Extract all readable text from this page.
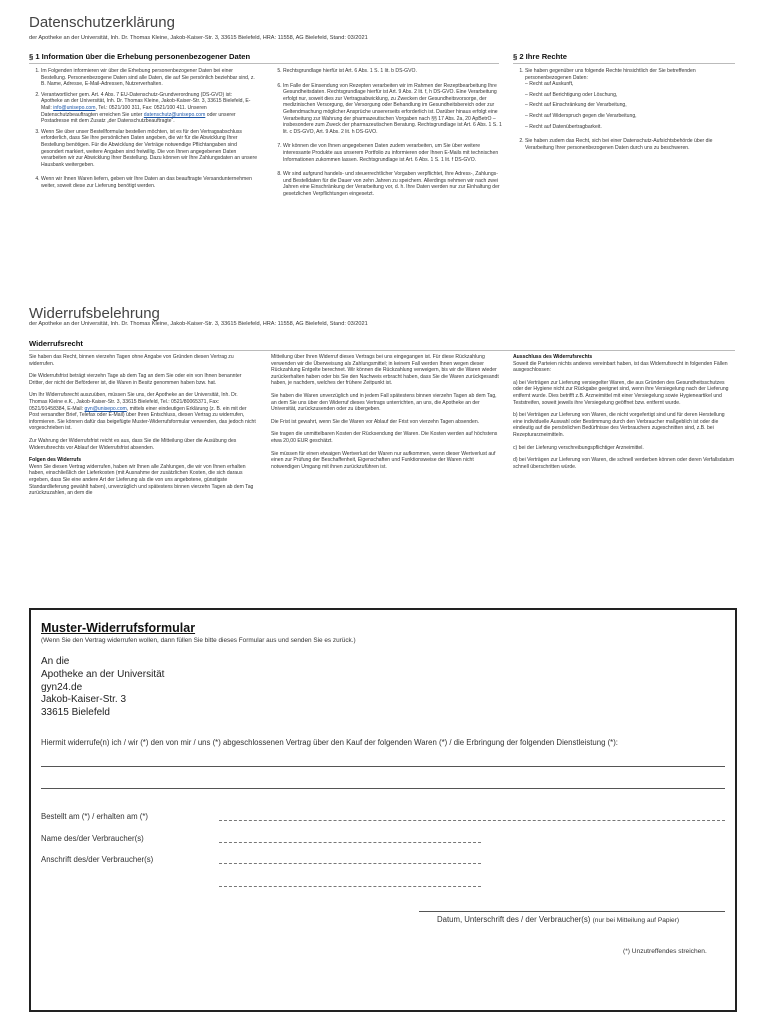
Datenschutzerklärung
der Apotheke an der Universität, Inh. Dr. Thomas Kleine, Jakob-Kaiser-Str. 3, 33615 Bielefeld, HRA: 11558, AG Bielefeld, Stand: 03/2021
§ 1 Information über die Erhebung personenbezogener Daten	§ 2 Ihre Rechte
1. Im Folgenden informieren wir über die Erhebung personenbezogener Daten bei einer Bestellung. Personenbezogene Daten sind alle Daten, die auf Sie persönlich beziehbar sind, z. B. Name, Adresse, E-Mail-Adressen, Nutzerverhalten.
2. Verantwortlicher gem. Art. 4 Abs. 7 EU-Datenschutz-Grundverordnung (DS-GVO) ist:
Apotheke an der Universität, Inh. Dr. Thomas Kleine, Jakob-Kaiser-Str. 3, 33615 Bielefeld, E-Mail: info@unisepo.com, Tel.: 0521/100 311, Fax: 0521/100 411. Unseren Datenschutzbeauftragten erreichen Sie unter datenschutz@unisepo.com oder unserer Postadresse mit dem Zusatz „der Datenschutzbeauftragte“.
3. Wenn Sie über unser Bestellformular bestellen möchten, ist es für den Vertragsabschluss erforderlich, dass Sie Ihre persönlichen Daten angeben, die wir für die Abwicklung Ihrer Bestellung benötigen. Für die Abwicklung der Verträge notwendige Pflichtangaben sind gesondert markiert, weitere Angaben sind freiwillig. Die von Ihnen angegebenen Daten verarbeiten wir zur Abwicklung Ihrer Bestellung. Dazu können wir Ihre Zahlungsdaten an unsere Hausbank weitergeben.
4. Wenn wir Ihnen Waren liefern, geben wir Ihre Daten an das beauftragte Versandunternehmen weiter, soweit diese zur Lieferung benötigt werden.
5. Rechtsgrundlage hierfür ist Art. 6 Abs. 1 S. 1 lit. b DS-GVO.
6. Im Falle der Einsendung von Rezepten verarbeiten wir im Rahmen der Rezeptbearbeitung Ihre Gesundheitsdaten. Rechtsgrundlage hierfür ist Art. 9 Abs. 2 lit. f, h DS-GVO. Eine Verarbeitung erfolgt nur, soweit dies zur Vertragsabwicklung, zu Zwecken der Gesundheitsvorsorge, der medizinischen Versorgung, der Versorgung oder Behandlung im Gesundheitsbereich oder zur Geltendmachung möglicher Ansprüche unsererseits erforderlich ist. Darüber hinaus erfolgt eine Verarbeitung zur Wahrung der pharmazeutischen Vorgaben nach §§ 17 Abs. 2a, 20 ApBetrO – insbesondere zum Zweck der pharmazeutischen Beratung. Rechtsgrundlage ist Art. 6 Abs. 1 S. 1 lit. c DS-GVO, Art. 9 Abs. 2 lit. h DS-GVO.
7. Wir können die von Ihnen angegebenen Daten zudem verarbeiten, um Sie über weitere interessante Produkte aus unserem Portfolio zu informieren oder Ihnen E-Mails mit technischen Informationen zukommen lassen. Rechtsgrundlage ist Art. 6 Abs. 1 S. 1 lit. f DS-GVO.
8. Wir sind aufgrund handels- und steuerrechtlicher Vorgaben verpflichtet, Ihre Adress-, Zahlungs- und Bestelldaten für die Dauer von zehn Jahren zu speichern. Allerdings nehmen wir nach zwei Jahren eine Einschränkung der Verarbeitung vor, d. h. Ihre Daten werden nur zur Einhaltung der gesetzlichen Verpflichtungen eingesetzt.
1. Sie haben gegenüber uns folgende Rechte hinsichtlich der Sie betreffenden personenbezogenen Daten:
– Recht auf Auskunft,
– Recht auf Berichtigung oder Löschung,
– Recht auf Einschränkung der Verarbeitung,
– Recht auf Widerspruch gegen die Verarbeitung,
– Recht auf Datenübertragbarkeit.
2. Sie haben zudem das Recht, sich bei einer Datenschutz-Aufsichtsbehörde über die Verarbeitung Ihrer personenbezogenen Daten durch uns zu beschweren.
Widerrufsbelehrung
der Apotheke an der Universität, Inh. Dr. Thomas Kleine, Jakob-Kaiser-Str. 3, 33615 Bielefeld, HRA: 11558, AG Bielefeld, Stand: 03/2021
Widerrufsrecht

Sie haben das Recht, binnen vierzehn Tagen ohne Angabe von Gründen diesen Vertrag zu widerrufen.

Die Widerrufsfrist beträgt vierzehn Tage ab dem Tag an dem Sie oder ein von Ihnen benannter Dritter, der nicht der Beförderer ist, die Waren in Besitz genommen haben bzw. hat.

Um Ihr Widerrufsrecht auszuüben, müssen Sie uns, der Apotheke an der Universität, Inh. Dr. Thomas Kleine e.K., Jakob-Kaiser-Str. 3, 33615 Bielefeld, Tel.: 0521/80065371, Fax: 0521/91458384, E-Mail: gyn@unisepo.com, mittels einer eindeutigen Erklärung (z. B. ein mit der Post versandter Brief, Telefax oder E-Mail) über Ihren Entschluss, diesen Vertrag zu widerrufen, informieren. Sie können dafür das beigefügte Muster-Widerrufsformular verwenden, das jedoch nicht vorgeschrieben ist.

Zur Wahrung der Widerrufsfrist reicht es aus, dass Sie die Mitteilung über die Ausübung des Widerrufsrechts vor Ablauf der Widerrufsfrist absenden.

Folgen des Widerrufs

Wenn Sie diesen Vertrag widerrufen, haben wir Ihnen alle Zahlungen, die wir von Ihnen erhalten haben, einschließlich der Lieferkosten (mit Ausnahme der zusätzlichen Kosten, die sich daraus ergeben, dass Sie eine andere Art der Lieferung als die von uns angebotene, günstigste Standardlieferung gewählt haben), unverzüglich und spätestens binnen vierzehn Tagen ab dem Tag zurückzuzahlen, an dem die

Mitteilung über Ihren Widerruf dieses Vertrags bei uns eingegangen ist. Für diese Rückzahlung verwenden wir die Überweisung als Zahlungsmittel; in keinem Fall werden Ihnen wegen dieser Rückzahlung Entgelte berechnet. Wir können die Rückzahlung verweigern, bis wir die Waren wieder zurückerhalten haben oder bis Sie den Nachweis erbracht haben, dass Sie die Waren zurückgesandt haben, je nachdem, welches der frühere Zeitpunkt ist.

Sie haben die Waren unverzüglich und in jedem Fall spätestens binnen vierzehn Tagen ab dem Tag, an dem Sie uns über den Widerruf dieses Vertrags unterrichten, an uns, die Apotheke an der Universität, zurückzusenden oder zu übergeben.

Die Frist ist gewahrt, wenn Sie die Waren vor Ablauf der Frist von vierzehn Tagen absenden.

Sie tragen die unmittelbaren Kosten der Rücksendung der Waren. Die Kosten werden auf höchstens etwa 20,00 EUR geschätzt.

Sie müssen für einen etwaigen Wertverlust der Waren nur aufkommen, wenn dieser Wertverlust auf einen zur Prüfung der Beschaffenheit, Eigenschaften und Funktionsweise der Waren nicht notwendigen Umgang mit ihnen zurückzuführen ist.

Ausschluss des Widerrufsrechts

Soweit die Parteien nichts anderes vereinbart haben, ist das Widerrufsrecht in folgenden Fällen ausgeschlossen:

a) bei Verträgen zur Lieferung versiegelter Waren, die aus Gründen des Gesundheitsschutzes oder der Hygiene nicht zur Rückgabe geeignet sind, wenn ihre Versiegelung nach der Lieferung entfernt wurde. Dies betrifft z.B. Arzneimittel mit einer Versiegelung sowie Hygieneartikel und Teststreifen, soweit jeweils ihre Versiegelung geöffnet bzw. entfernt wurde.

b) bei Verträgen zur Lieferung von Waren, die nicht vorgefertigt sind und für deren Herstellung eine individuelle Auswahl oder Bestimmung durch den Verbraucher maßgeblich ist oder die eindeutig auf die persönlichen Bedürfnisse des Verbrauchers zugeschnitten sind, z.B. bei Rezepturarzneimitteln.

c) bei der Lieferung verschreibungspflichtiger Arzneimittel.

d) bei Verträgen zur Lieferung von Waren, die schnell verderben können oder deren Verfallsdatum schnell überschritten würde.

Muster-Widerrufsformular
(Wenn Sie den Vertrag widerrufen wollen, dann füllen Sie bitte dieses Formular aus und senden Sie es zurück.)
An die
Apotheke an der Universität
gyn24.de
Jakob-Kaiser-Str. 3
33615 Bielefeld
Hiermit widerrufe(n) ich / wir (*) den von mir / uns (*) abgeschlossenen Vertrag über den Kauf der folgenden Waren (*) / die Erbringung der folgenden Dienstleistung (*):
Bestellt am (*) / erhalten am (*)
Name des/der Verbraucher(s)
Anschrift des/der Verbraucher(s)
Datum, Unterschrift des / der Verbraucher(s) (nur bei Mitteilung auf Papier)
(*) Unzutreffendes streichen.
